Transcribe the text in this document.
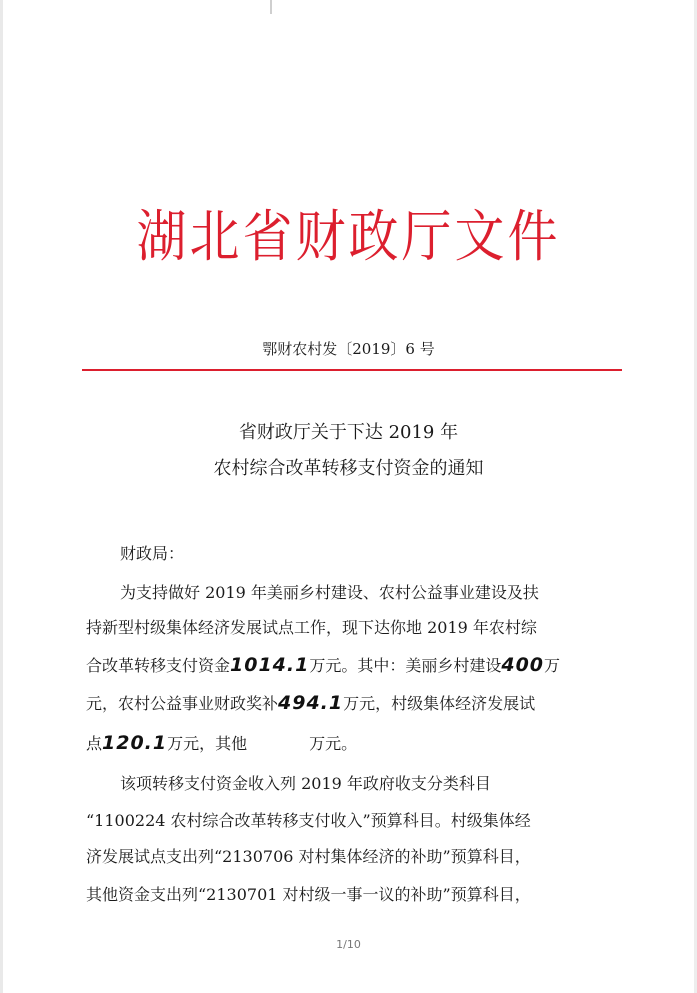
湖北省财政厅文件
鄂财农村发〔2019〕6 号
省财政厅关于下达 2019 年
农村综合改革转移支付资金的通知
财政局：
为支持做好 2019 年美丽乡村建设、农村公益事业建设及扶
持新型村级集体经济发展试点工作，现下达你地 2019 年农村综
合改革转移支付资金1014.1万元。其中：美丽乡村建设400万
元，农村公益事业财政奖补494.1万元，村级集体经济发展试
点120.1万元，其他	万元。
该项转移支付资金收入列 2019 年政府收支分类科目
“1100224 农村综合改革转移支付收入”预算科目。村级集体经
济发展试点支出列“2130706 对村集体经济的补助”预算科目，
其他资金支出列“2130701 对村级一事一议的补助”预算科目，
1/10
